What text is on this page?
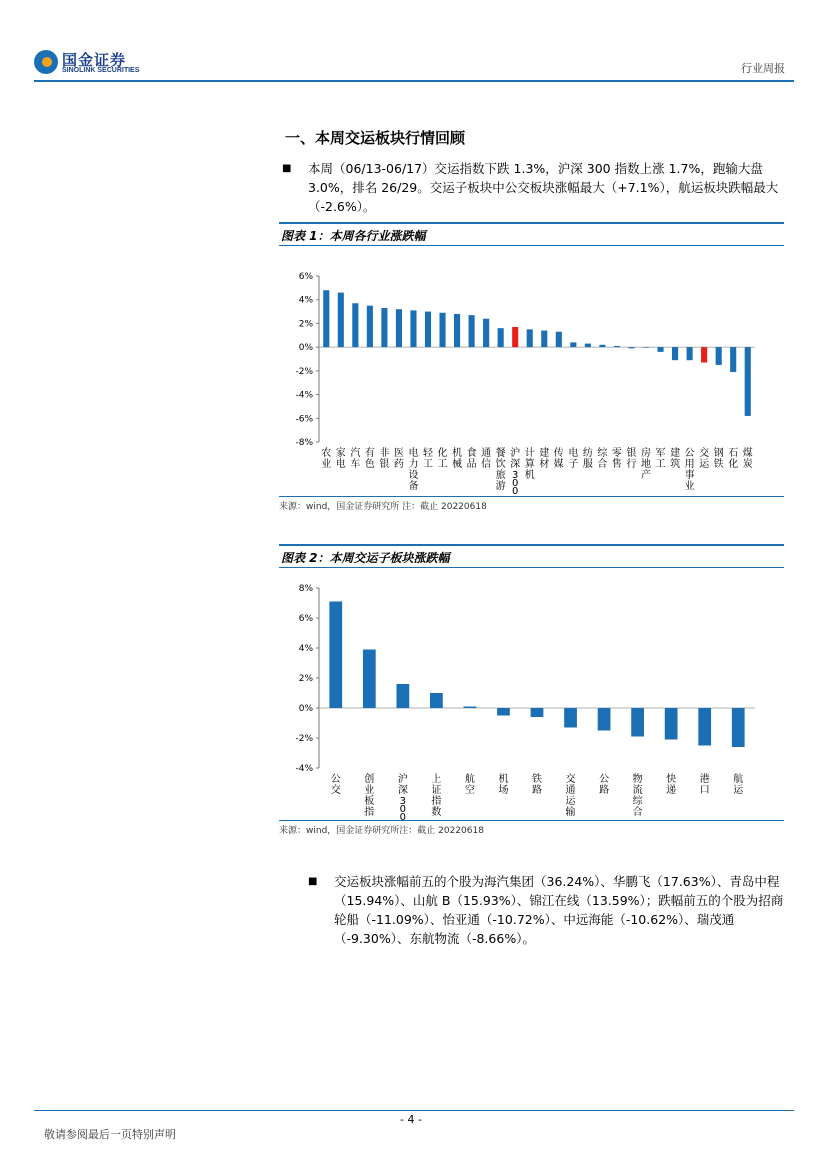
国金证券
SINOLINK SECURITIES	行业周报
一、本周交运板块行情回顾
■ 本周（06/13-06/17）交运指数下跌 1.3%，沪深 300 指数上涨 1.7%，跑输大盘 3.0%，排名 26/29。交运子板块中公交板块涨幅最大（+7.1%），航运板块跌幅最大（-2.6%）。
图表 1：本周各行业涨跌幅
6%
4%
2%
0%
-2%
-4%
-6%
-8%
农业
家电
汽车
有色
非银
医药
电力设备
轻工
化工
机械
食品
通信
餐饮旅游
沪深 3 0 0
计算机
建材
传媒
电子
纺服
综合
零售
银行
房地产
军工
建筑
公用事业
交运
钢铁
石化
煤炭
来源：wind，国金证券研究所 注：截止 20220618
图表 2：本周交运子板块涨跌幅
8%
6%
4%
2%
0%
-2%
-4%
公交
创业板指
沪深 3 0 0
上证指数
航空
机场
铁路
交通运输
公路
物流综合
快递
港口
航运
来源：wind，国金证券研究所注：截止 20220618
■ 交运板块涨幅前五的个股为海汽集团（36.24%）、华鹏飞（17.63%）、青岛中程（15.94%）、山航 B（15.93%）、锦江在线（13.59%）；跌幅前五的个股为招商轮船（-11.09%）、怡亚通（-10.72%）、中远海能（-10.62%）、瑞茂通（-9.30%）、东航物流（-8.66%）。
- 4 -
敬请参阅最后一页特别声明
